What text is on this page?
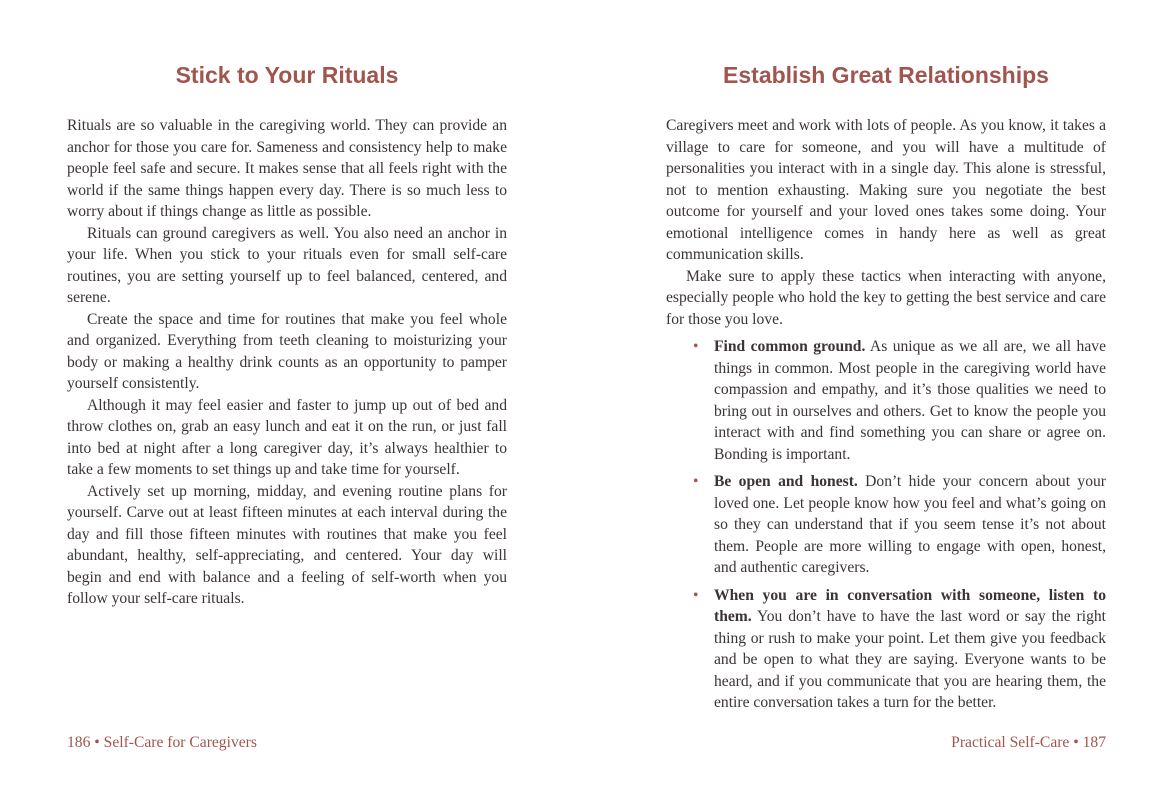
Stick to Your Rituals

Rituals are so valuable in the caregiving world. They can provide an anchor for those you care for. Sameness and consistency help to make people feel safe and secure. It makes sense that all feels right with the world if the same things happen every day. There is so much less to worry about if things change as little as possible.

Rituals can ground caregivers as well. You also need an anchor in your life. When you stick to your rituals even for small self-care routines, you are setting yourself up to feel balanced, centered, and serene.

Create the space and time for routines that make you feel whole and organized. Everything from teeth cleaning to moisturizing your body or making a healthy drink counts as an opportunity to pamper yourself consistently.

Although it may feel easier and faster to jump up out of bed and throw clothes on, grab an easy lunch and eat it on the run, or just fall into bed at night after a long caregiver day, it’s always healthier to take a few moments to set things up and take time for yourself.

Actively set up morning, midday, and evening routine plans for yourself. Carve out at least fifteen minutes at each interval during the day and fill those fifteen minutes with routines that make you feel abundant, healthy, self-appreciating, and centered. Your day will begin and end with balance and a feeling of self-worth when you follow your self-care rituals.

186 • Self-Care for Caregivers
Establish Great Relationships

Caregivers meet and work with lots of people. As you know, it takes a village to care for someone, and you will have a multitude of personalities you interact with in a single day. This alone is stressful, not to mention exhausting. Making sure you negotiate the best outcome for yourself and your loved ones takes some doing. Your emotional intelligence comes in handy here as well as great communication skills.

Make sure to apply these tactics when interacting with anyone, especially people who hold the key to getting the best service and care for those you love.

• Find common ground. As unique as we all are, we all have things in common. Most people in the caregiving world have compassion and empathy, and it’s those qualities we need to bring out in ourselves and others. Get to know the people you interact with and find something you can share or agree on. Bonding is important.
• Be open and honest. Don’t hide your concern about your loved one. Let people know how you feel and what’s going on so they can understand that if you seem tense it’s not about them. People are more willing to engage with open, honest, and authentic caregivers.
• When you are in conversation with someone, listen to them. You don’t have to have the last word or say the right thing or rush to make your point. Let them give you feedback and be open to what they are saying. Everyone wants to be heard, and if you communicate that you are hearing them, the entire conversation takes a turn for the better.
Practical Self-Care • 187
